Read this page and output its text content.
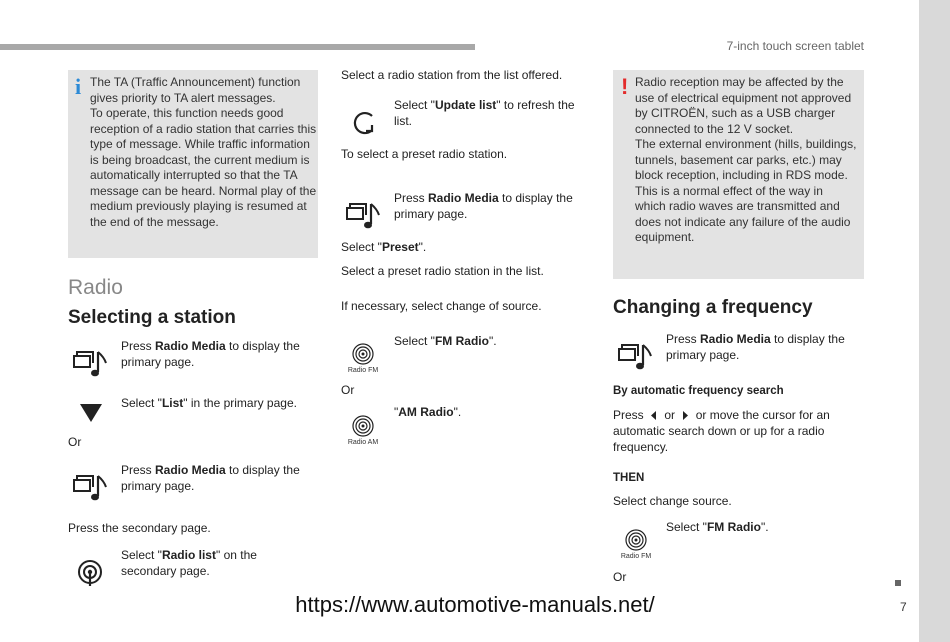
7-inch touch screen tablet
7
https://www.automotive-manuals.net/
i The TA (Traffic Announcement) function
gives priority to TA alert messages.
To operate, this function needs good
reception of a radio station that carries this
type of message. While traffic information
is being broadcast, the current medium is
automatically interrupted so that the TA
message can be heard. Normal play of the
medium previously playing is resumed at
the end of the message.
Radio
Selecting a station
Press Radio Media to display the
primary page.
Select "List" in the primary page.
Or
Press Radio Media to display the
primary page.
Press the secondary page.
Select "Radio list" on the
secondary page.
Select a radio station from the list offered.
Select "Update list" to refresh the
list.
To select a preset radio station.
Press Radio Media to display the
primary page.
Select "Preset".
Select a preset radio station in the list.
If necessary, select change of source.
Radio FM
Select "FM Radio".
Or
Radio AM
"AM Radio".
! Radio reception may be affected by the
use of electrical equipment not approved
by CITROËN, such as a USB charger
connected to the 12 V socket.
The external environment (hills, buildings,
tunnels, basement car parks, etc.) may
block reception, including in RDS mode.
This is a normal effect of the way in
which radio waves are transmitted and
does not indicate any failure of the audio
equipment.
Changing a frequency
Press Radio Media to display the
primary page.
By automatic frequency search
Press or or move the cursor for an
automatic search down or up for a radio
frequency.
THEN
Select change source.
Radio FM
Select "FM Radio".
Or
